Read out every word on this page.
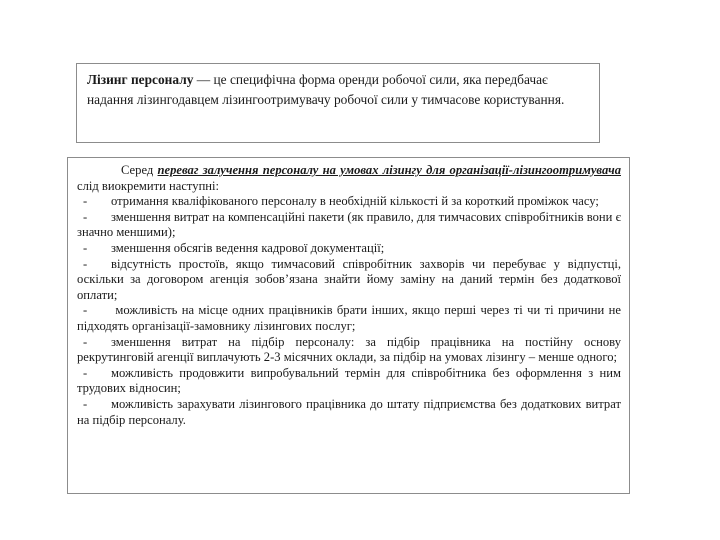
Лізинг персоналу — це специфічна форма оренди робочої сили, яка передбачає надання лізингодавцем лізингоотримувачу робочої сили у тимчасове користування.

Серед переваг залучення персоналу на умовах лізингу для організації-лізингоотримувача слід виокремити наступні:

- отримання кваліфікованого персоналу в необхідній кількості й за короткий проміжок часу;

- зменшення витрат на компенсаційні пакети (як правило, для тимчасових співробітників вони є значно меншими);

- зменшення обсягів ведення кадрової документації;

- відсутність простоїв, якщо тимчасовий співробітник захворів чи перебуває у відпустці, оскільки за договором агенція зобов’язана знайти йому заміну на даний термін без додаткової оплати;

- можливість на місце одних працівників брати інших, якщо перші через ті чи ті причини не підходять організації-замовнику лізингових послуг;

- зменшення витрат на підбір персоналу: за підбір працівника на постійну основу рекрутинговій агенції виплачують 2-3 місячних оклади, за підбір на умовах лізингу – менше одного;

- можливість продовжити випробувальний термін для співробітника без оформлення з ним трудових відносин;

- можливість зарахувати лізингового працівника до штату підприємства без додаткових витрат на підбір персоналу.
